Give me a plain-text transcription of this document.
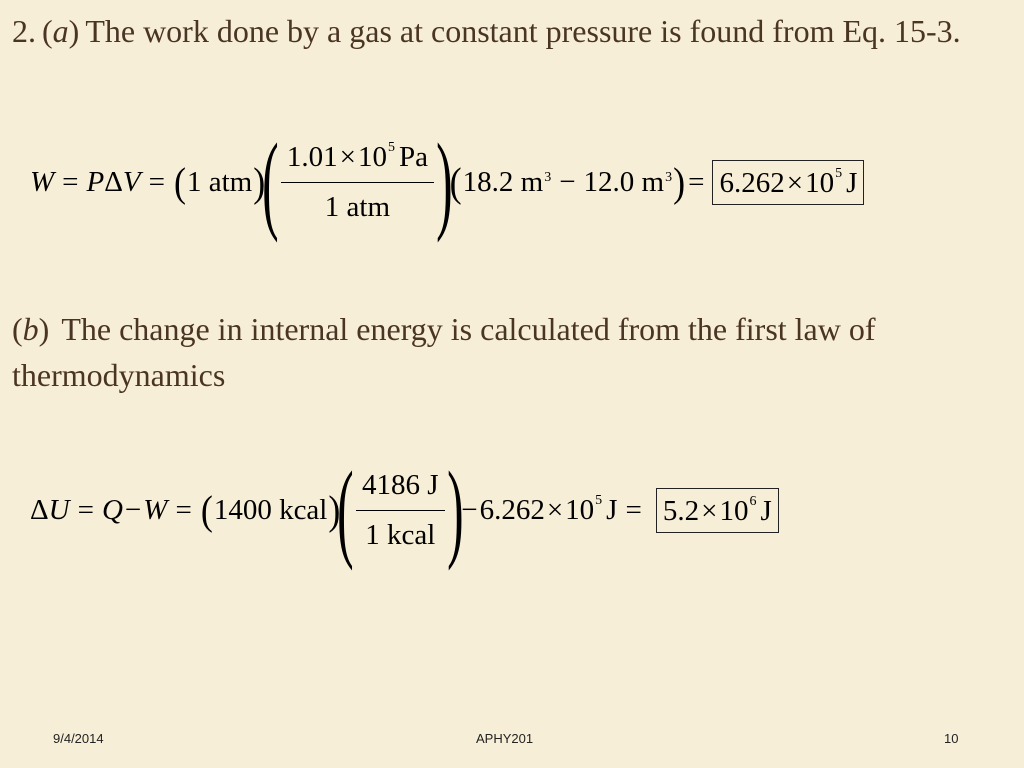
2. (a) The work done by a gas at constant pressure is found from Eq. 15-3.
W = P Δ V = ( 1 atm )
( $\frac{1.01\times 10^5 Pa}{\text{1 atm}}$ )
( 18.2 $m^3 - 12.0$ $m^3$ ) = $6.262\times 10^5$ J
(b) The change in internal energy is calculated from the first law of thermodynamics
Δ U = Q − W = ( 1400 kcal )
( $\frac{4186 J}{\text{1 kcal}}$ )
− $6.262\times 10^5$ $J = 5.2\times 10^6$ J
9/4/2014	APHY201	10
